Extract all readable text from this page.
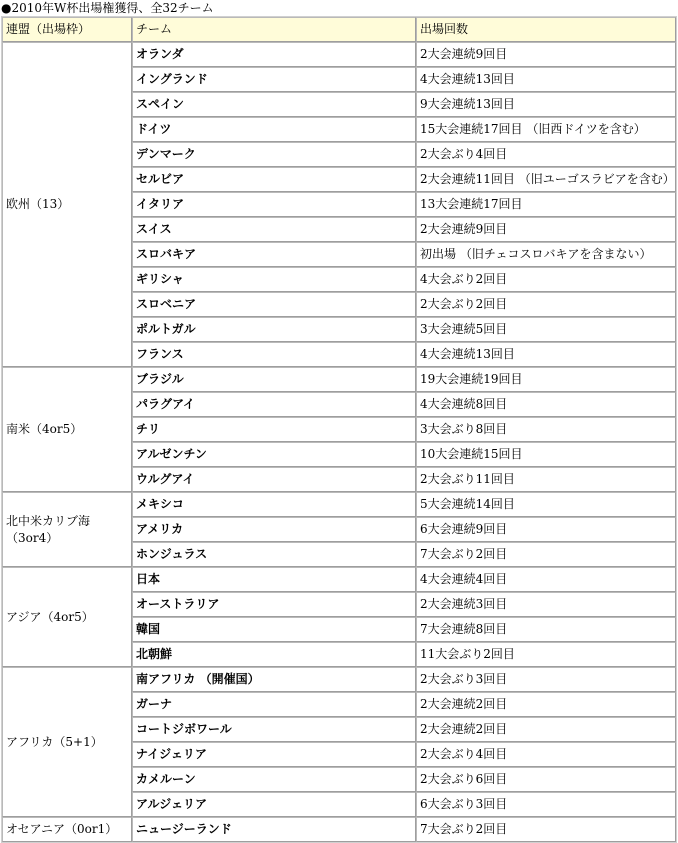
●2010年W杯出場権獲得、全32チーム
連盟（出場枠）	チーム	出場回数
欧州（13）	オランダ	2大会連続9回目
	イングランド	4大会連続13回目
	スペイン	9大会連続13回目
	ドイツ	15大会連続17回目 （旧西ドイツを含む）
	デンマーク	2大会ぶり4回目
	セルビア	2大会連続11回目 （旧ユーゴスラビアを含む）
	イタリア	13大会連続17回目
	スイス	2大会連続9回目
	スロバキア	初出場 （旧チェコスロバキアを含まない）
	ギリシャ	4大会ぶり2回目
	スロベニア	2大会ぶり2回目
	ポルトガル	3大会連続5回目
	フランス	4大会連続13回目
南米（4or5）	ブラジル	19大会連続19回目
	パラグアイ	4大会連続8回目
	チリ	3大会ぶり8回目
	アルゼンチン	10大会連続15回目
	ウルグアイ	2大会ぶり11回目
北中米カリブ海（3or4）	メキシコ	5大会連続14回目
	アメリカ	6大会連続9回目
	ホンジュラス	7大会ぶり2回目
アジア（4or5）	日本	4大会連続4回目
	オーストラリア	2大会連続3回目
	韓国	7大会連続8回目
	北朝鮮	11大会ぶり2回目
アフリカ（5+1）	南アフリカ （開催国）	2大会ぶり3回目
	ガーナ	2大会連続2回目
	コートジボワール	2大会連続2回目
	ナイジェリア	2大会ぶり4回目
	カメルーン	2大会ぶり6回目
	アルジェリア	6大会ぶり3回目
オセアニア（0or1）	ニュージーランド	7大会ぶり2回目
